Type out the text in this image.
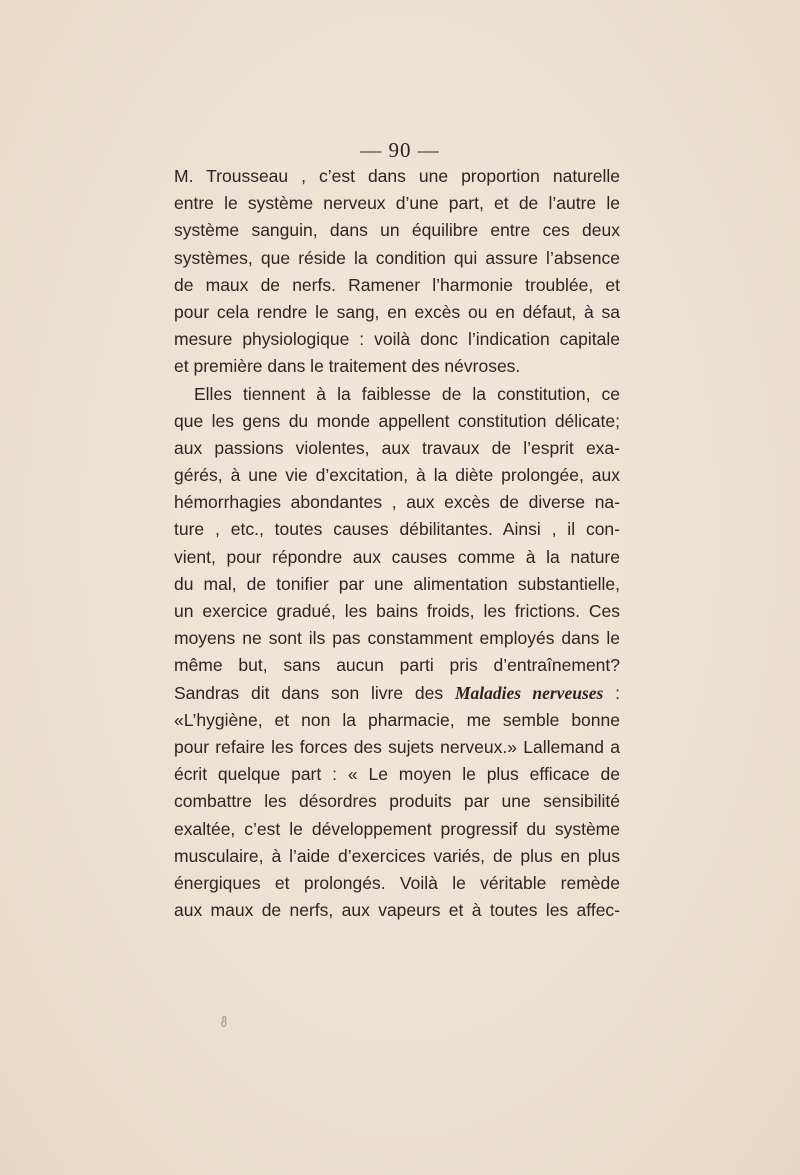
— 90 —
M. Trousseau , c’est dans une proportion naturelle
entre le système nerveux d’une part, et de l’autre le
système sanguin, dans un équilibre entre ces deux
systèmes, que réside la condition qui assure l’absence
de maux de nerfs. Ramener l’harmonie troublée, et
pour cela rendre le sang, en excès ou en défaut, à sa
mesure physiologique : voilà donc l’indication capitale
et première dans le traitement des névroses.
Elles tiennent à la faiblesse de la constitution, ce
que les gens du monde appellent constitution délicate;
aux passions violentes, aux travaux de l’esprit exa-
gérés, à une vie d’excitation, à la diète prolongée, aux
hémorrhagies abondantes , aux excès de diverse na-
ture , etc., toutes causes débilitantes. Ainsi , il con-
vient, pour répondre aux causes comme à la nature
du mal, de tonifier par une alimentation substantielle,
un exercice gradué, les bains froids, les frictions. Ces
moyens ne sont ils pas constamment employés dans le
même but, sans aucun parti pris d’entraînement?
Sandras dit dans son livre des Maladies nerveuses :
«L’hygiène, et non la pharmacie, me semble bonne
pour refaire les forces des sujets nerveux.» Lallemand a
écrit quelque part : « Le moyen le plus efficace de
combattre les désordres produits par une sensibilité
exaltée, c’est le développement progressif du système
musculaire, à l’aide d’exercices variés, de plus en plus
énergiques et prolongés. Voilà le véritable remède
aux maux de nerfs, aux vapeurs et à toutes les affec-
